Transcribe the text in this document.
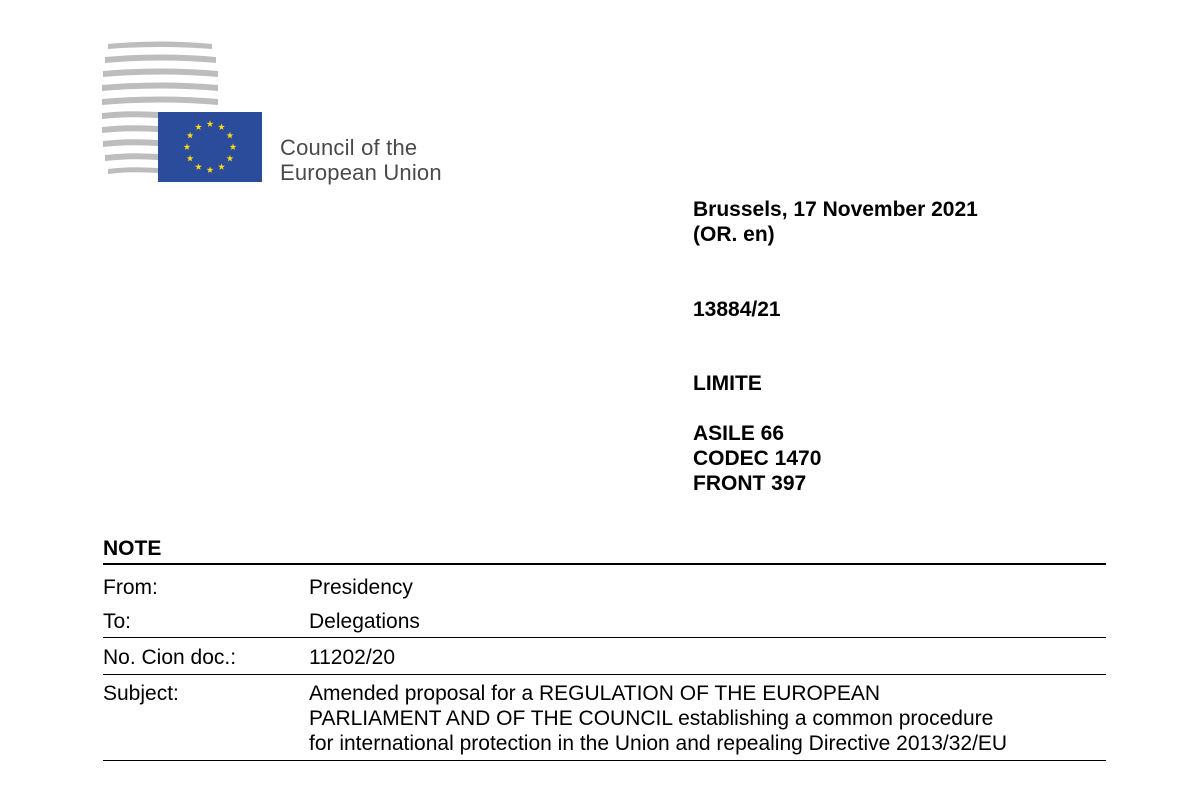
Council of the
European Union
Brussels, 17 November 2021
(OR. en)
13884/21
LIMITE
ASILE 66
CODEC 1470
FRONT 397
NOTE
From:	Presidency
To:	Delegations
No. Cion doc.:	11202/20
Subject:	Amended proposal for a REGULATION OF THE EUROPEAN
PARLIAMENT AND OF THE COUNCIL establishing a common procedure
for international protection in the Union and repealing Directive 2013/32/EU
